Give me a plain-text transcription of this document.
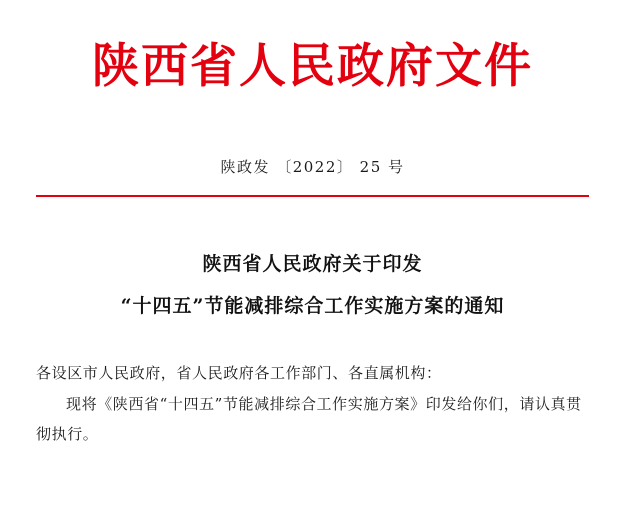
陕西省人民政府文件
陕政发 〔2022〕 25 号
陕西省人民政府关于印发
“十四五”节能减排综合工作实施方案的通知

各设区市人民政府，省人民政府各工作部门、各直属机构：

现将《陕西省“十四五”节能减排综合工作实施方案》印发给你们，请认真贯彻执行。
